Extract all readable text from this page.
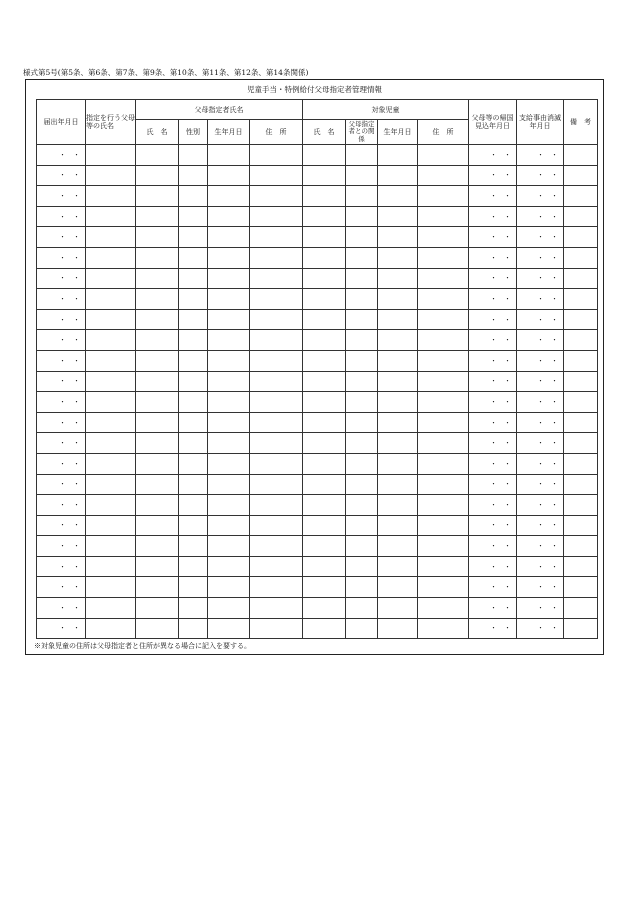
様式第5号(第5条、第6条、第7条、第9条、第10条、第11条、第12条、第14条関係)
児童手当・特例給付父母指定者管理情報
届出年月日	指定を行う父母等の氏名	父母指定者氏名				対象児童				父母等の帰国見込年月日	支給事由消滅年月日	備　考
		氏　名	性別	生年月日	住　所	氏　名	父母指定者との関係	生年月日	住　所			
・　・										・　・	・　・	
・　・										・　・	・　・	
・　・										・　・	・　・	
・　・										・　・	・　・	
・　・										・　・	・　・	
・　・										・　・	・　・	
・　・										・　・	・　・	
・　・										・　・	・　・	
・　・										・　・	・　・	
・　・										・　・	・　・	
・　・										・　・	・　・	
・　・										・　・	・　・	
・　・										・　・	・　・	
・　・										・　・	・　・	
・　・										・　・	・　・	
・　・										・　・	・　・	
・　・										・　・	・　・	
・　・										・　・	・　・	
・　・										・　・	・　・	
・　・										・　・	・　・	
・　・										・　・	・　・	
・　・										・　・	・　・	
・　・										・　・	・　・	
・　・										・　・	・　・	
※対象児童の住所は父母指定者と住所が異なる場合に記入を要する。
